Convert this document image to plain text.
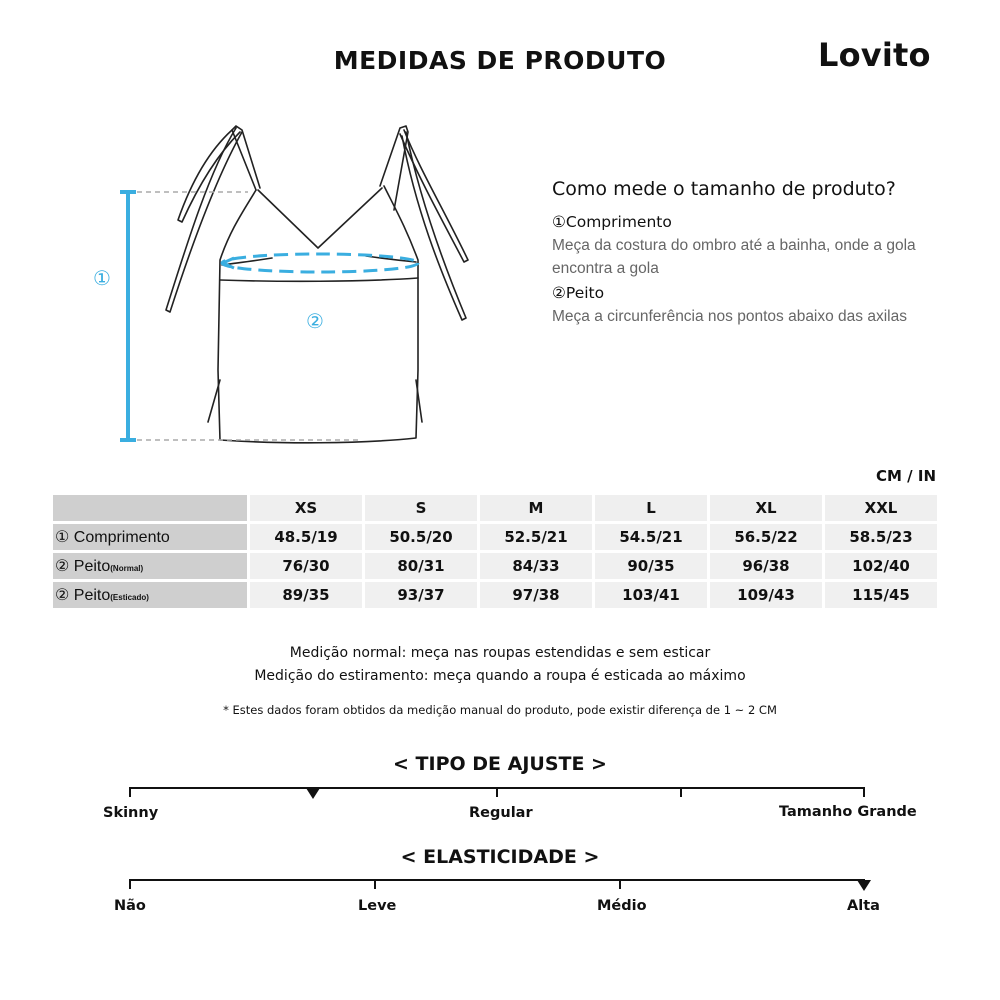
MEDIDAS DE PRODUTO	Lovito
①
②
Como mede o tamanho de produto?
①Comprimento
Meça da costura do ombro até a bainha, onde a gola encontra a gola
②Peito
Meça a circunferência nos pontos abaixo das axilas
CM / IN
	XS	S	M	L	XL	XXL
① Comprimento	48.5/19	50.5/20	52.5/21	54.5/21	56.5/22	58.5/23
② Peito(Normal)	76/30	80/31	84/33	90/35	96/38	102/40
② Peito(Esticado)	89/35	93/37	97/38	103/41	109/43	115/45
Medição normal: meça nas roupas estendidas e sem esticar
Medição do estiramento: meça quando a roupa é esticada ao máximo
* Estes dados foram obtidos da medição manual do produto, pode existir diferença de 1 ~ 2 CM
< TIPO DE AJUSTE >
Skinny	Regular	Tamanho Grande
< ELASTICIDADE >
Não	Leve	Médio	Alta
